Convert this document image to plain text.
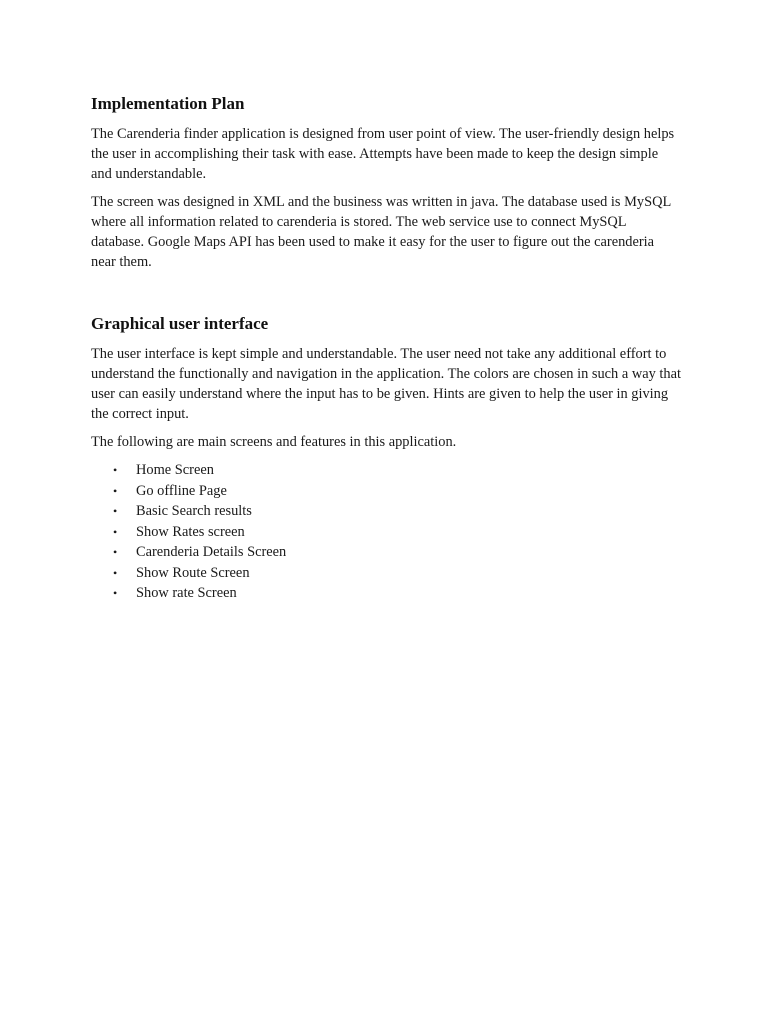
Implementation Plan

The Carenderia finder application is designed from user point of view. The user-friendly design helps the user in accomplishing their task with ease. Attempts have been made to keep the design simple and understandable.

The screen was designed in XML and the business was written in java. The database used is MySQL where all information related to carenderia is stored. The web service use to connect MySQL database. Google Maps API has been used to make it easy for the user to figure out the carenderia near them.

Graphical user interface

The user interface is kept simple and understandable. The user need not take any additional effort to understand the functionally and navigation in the application. The colors are chosen in such a way that user can easily understand where the input has to be given. Hints are given to help the user in giving the correct input.

The following are main screens and features in this application.

• Home Screen
• Go offline Page
• Basic Search results
• Show Rates screen
• Carenderia Details Screen
• Show Route Screen
• Show rate Screen
